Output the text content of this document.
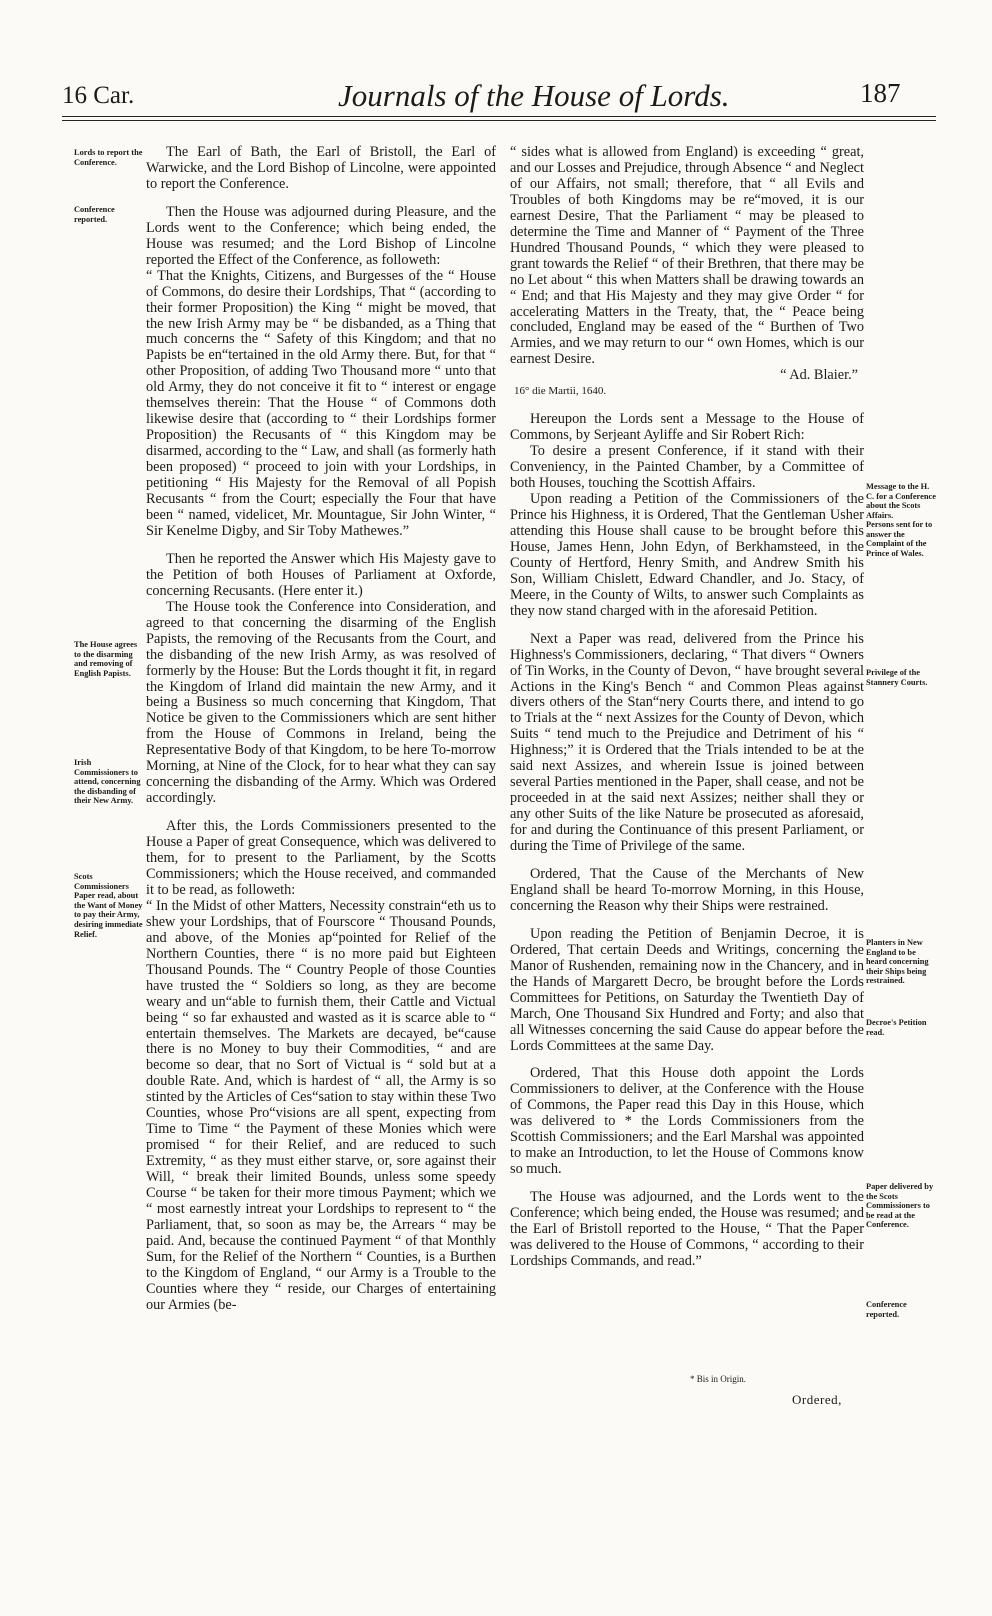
16 Car.	Journals of the House of Lords.	187
Lords to report the Conference.
Conference reported.
The House agrees to the disarming and removing of English Papists.
Irish Commissioners to attend, concerning the disbanding of their New Army.
Scots Commissioners Paper read, about the Want of Money to pay their Army, desiring immediate Relief.

The Earl of Bath, the Earl of Bristoll, the Earl of Warwicke, and the Lord Bishop of Lincolne, were appointed to report the Conference.

Then the House was adjourned during Pleasure, and the Lords went to the Conference; which being ended, the House was resumed; and the Lord Bishop of Lincolne reported the Effect of the Conference, as followeth:

“ That the Knights, Citizens, and Burgesses of the “ House of Commons, do desire their Lordships, That “ (according to their former Proposition) the King “ might be moved, that the new Irish Army may be “ be disbanded, as a Thing that much concerns the “ Safety of this Kingdom; and that no Papists be en“tertained in the old Army there. But, for that “ other Proposition, of adding Two Thousand more “ unto that old Army, they do not conceive it fit to “ interest or engage themselves therein: That the House “ of Commons doth likewise desire that (according to “ their Lordships former Proposition) the Recusants of “ this Kingdom may be disarmed, according to the “ Law, and shall (as formerly hath been proposed) “ proceed to join with your Lordships, in petitioning “ His Majesty for the Removal of all Popish Recusants “ from the Court; especially the Four that have been “ named, videlicet, Mr. Mountague, Sir John Winter, “ Sir Kenelme Digby, and Sir Toby Mathewes.”

Then he reported the Answer which His Majesty gave to the Petition of both Houses of Parliament at Oxforde, concerning Recusants. (Here enter it.)

The House took the Conference into Consideration, and agreed to that concerning the disarming of the English Papists, the removing of the Recusants from the Court, and the disbanding of the new Irish Army, as was resolved of formerly by the House: But the Lords thought it fit, in regard the Kingdom of Irland did maintain the new Army, and it being a Business so much concerning that Kingdom, That Notice be given to the Commissioners which are sent hither from the House of Commons in Ireland, being the Representative Body of that Kingdom, to be here To-morrow Morning, at Nine of the Clock, for to hear what they can say concerning the disbanding of the Army. Which was Ordered accordingly.

After this, the Lords Commissioners presented to the House a Paper of great Consequence, which was delivered to them, for to present to the Parliament, by the Scotts Commissioners; which the House received, and commanded it to be read, as followeth:

“ In the Midst of other Matters, Necessity constrain“eth us to shew your Lordships, that of Fourscore “ Thousand Pounds, and above, of the Monies ap“pointed for Relief of the Northern Counties, there “ is no more paid but Eighteen Thousand Pounds. The “ Country People of those Counties have trusted the “ Soldiers so long, as they are become weary and un“able to furnish them, their Cattle and Victual being “ so far exhausted and wasted as it is scarce able to “ entertain themselves. The Markets are decayed, be“cause there is no Money to buy their Commodities, “ and are become so dear, that no Sort of Victual is “ sold but at a double Rate. And, which is hardest of “ all, the Army is so stinted by the Articles of Ces“sation to stay within these Two Counties, whose Pro“visions are all spent, expecting from Time to Time “ the Payment of these Monies which were promised “ for their Relief, and are reduced to such Extremity, “ as they must either starve, or, sore against their Will, “ break their limited Bounds, unless some speedy Course “ be taken for their more timous Payment; which we “ most earnestly intreat your Lordships to represent to “ the Parliament, that, so soon as may be, the Arrears “ may be paid. And, because the continued Payment “ of that Monthly Sum, for the Relief of the Northern “ Counties, is a Burthen to the Kingdom of England, “ our Army is a Trouble to the Counties where they “ reside, our Charges of entertaining our Armies (be-

“ sides what is allowed from England) is exceeding “ great, and our Losses and Prejudice, through Absence “ and Neglect of our Affairs, not small; therefore, that “ all Evils and Troubles of both Kingdoms may be re“moved, it is our earnest Desire, That the Parliament “ may be pleased to determine the Time and Manner of “ Payment of the Three Hundred Thousand Pounds, “ which they were pleased to grant towards the Relief “ of their Brethren, that there may be no Let about “ this when Matters shall be drawing towards an “ End; and that His Majesty and they may give Order “ for accelerating Matters in the Treaty, that, the “ Peace being concluded, England may be eased of the “ Burthen of Two Armies, and we may return to our “ own Homes, which is our earnest Desire.

“ Ad. Blaier.”

16° die Martii, 1640.

Hereupon the Lords sent a Message to the House of Commons, by Serjeant Ayliffe and Sir Robert Rich:

To desire a present Conference, if it stand with their Conveniency, in the Painted Chamber, by a Committee of both Houses, touching the Scottish Affairs.

Upon reading a Petition of the Commissioners of the Prince his Highness, it is Ordered, That the Gentleman Usher attending this House shall cause to be brought before this House, James Henn, John Edyn, of Berkhamsteed, in the County of Hertford, Henry Smith, and Andrew Smith his Son, William Chislett, Edward Chandler, and Jo. Stacy, of Meere, in the County of Wilts, to answer such Complaints as they now stand charged with in the aforesaid Petition.

Next a Paper was read, delivered from the Prince his Highness's Commissioners, declaring, “ That divers “ Owners of Tin Works, in the County of Devon, “ have brought several Actions in the King's Bench “ and Common Pleas against divers others of the Stan“nery Courts there, and intend to go to Trials at the “ next Assizes for the County of Devon, which Suits “ tend much to the Prejudice and Detriment of his “ Highness;” it is Ordered that the Trials intended to be at the said next Assizes, and wherein Issue is joined between several Parties mentioned in the Paper, shall cease, and not be proceeded in at the said next Assizes; neither shall they or any other Suits of the like Nature be prosecuted as aforesaid, for and during the Continuance of this present Parliament, or during the Time of Privilege of the same.

Ordered, That the Cause of the Merchants of New England shall be heard To-morrow Morning, in this House, concerning the Reason why their Ships were restrained.

Upon reading the Petition of Benjamin Decroe, it is Ordered, That certain Deeds and Writings, concerning the Manor of Rushenden, remaining now in the Chancery, and in the Hands of Margarett Decro, be brought before the Lords Committees for Petitions, on Saturday the Twentieth Day of March, One Thousand Six Hundred and Forty; and also that all Witnesses concerning the said Cause do appear before the Lords Committees at the same Day.

Ordered, That this House doth appoint the Lords Commissioners to deliver, at the Conference with the House of Commons, the Paper read this Day in this House, which was delivered to * the Lords Commissioners from the Scottish Commissioners; and the Earl Marshal was appointed to make an Introduction, to let the House of Commons know so much.

The House was adjourned, and the Lords went to the Conference; which being ended, the House was resumed; and the Earl of Bristoll reported to the House, “ That the Paper was delivered to the House of Commons, “ according to their Lordships Commands, and read.”

Message to the H. C. for a Conference about the Scots Affairs.
Persons sent for to answer the Complaint of the Prince of Wales.
Privilege of the Stannery Courts.
Planters in New England to be heard concerning their Ships being restrained.
Decroe's Petition read.
Paper delivered by the Scots Commissioners to be read at the Conference.
Conference reported.
* Bis in Origin.
Ordered,
